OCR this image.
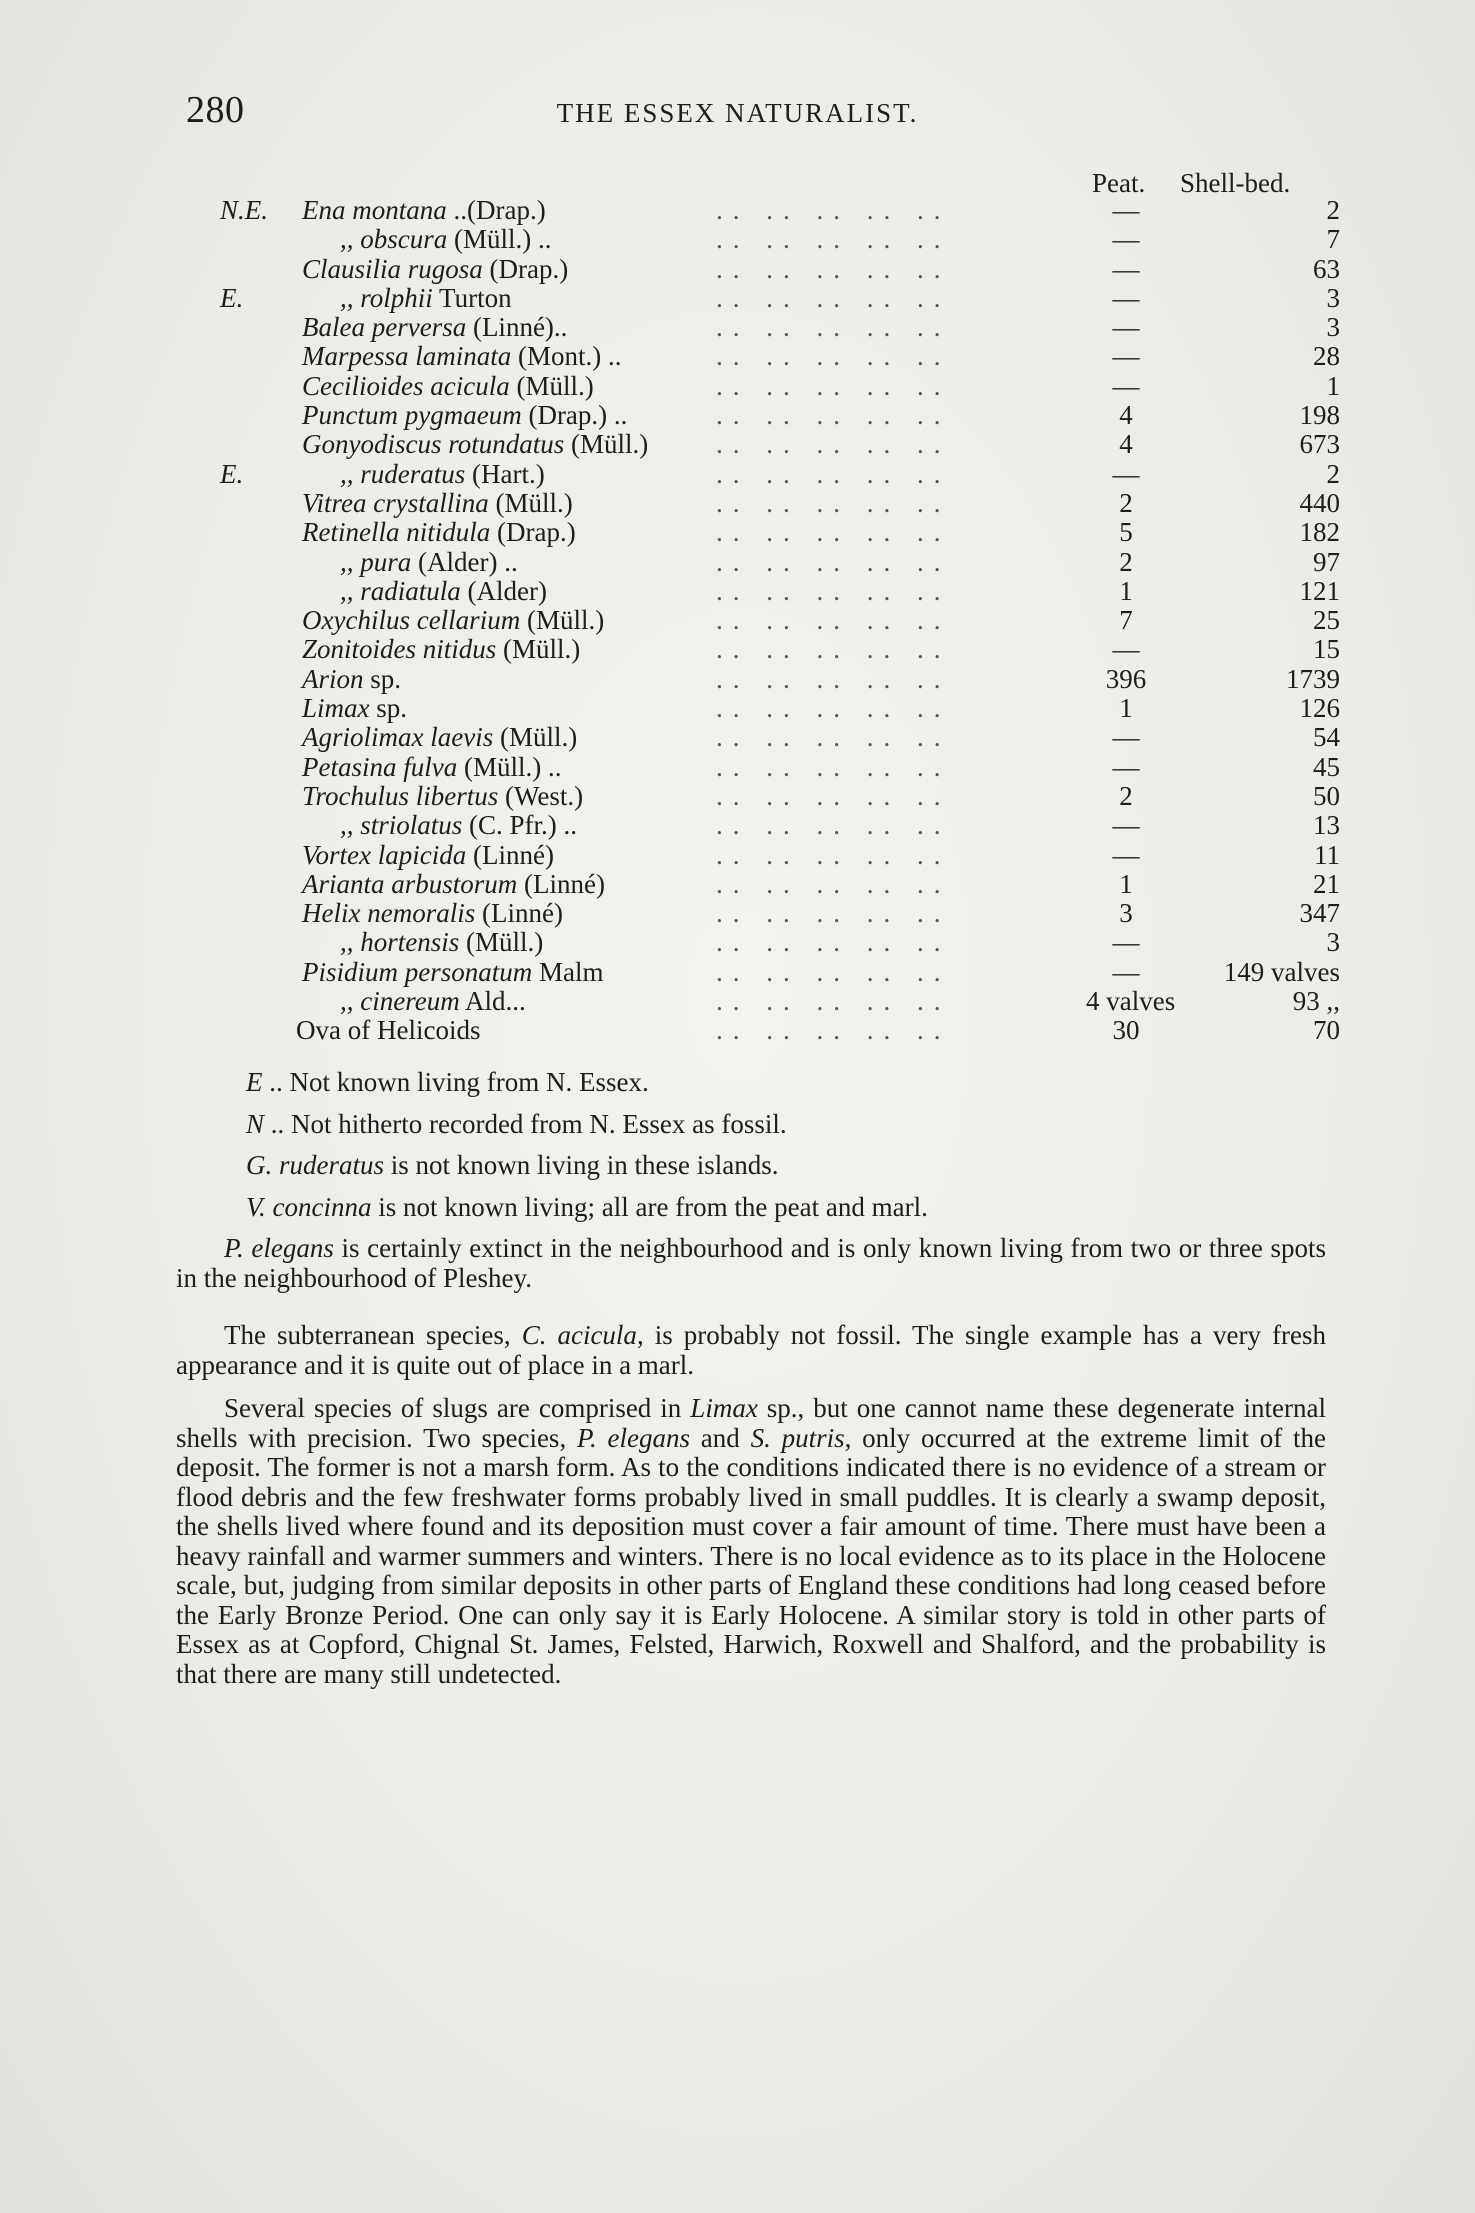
280	THE ESSEX NATURALIST.
Peat. Shell-bed.
N.E. Ena montana ..(Drap.)	.. .. .. .. ..	—	2
,, obscura (Müll.) ..	.. .. .. .. ..	—	7
Clausilia rugosa (Drap.)	.. .. .. .. ..	—	63
E.	,, rolphii Turton	.. .. .. .. ..	—	3
Balea perversa (Linné)..	.. .. .. .. ..	—	3
Marpessa laminata (Mont.) ..	.. .. .. .. ..	—	28
Cecilioides acicula (Müll.)	.. .. .. .. ..	—	1
Punctum pygmaeum (Drap.) ..	.. .. .. .. ..	4	198
Gonyodiscus rotundatus (Müll.)	.. .. .. .. ..	4	673
E.	,, ruderatus (Hart.)	.. .. .. .. ..	—	2
Vitrea crystallina (Müll.)	.. .. .. .. ..	2	440
Retinella nitidula (Drap.)	.. .. .. .. ..	5	182
,, pura (Alder) ..	.. .. .. .. ..	2	97
,, radiatula (Alder)	.. .. .. .. ..	1	121
Oxychilus cellarium (Müll.)	.. .. .. .. ..	7	25
Zonitoides nitidus (Müll.)	.. .. .. .. ..	—	15
Arion sp.	.. .. .. .. ..	396	1739
Limax sp.	.. .. .. .. ..	1	126
Agriolimax laevis (Müll.)	.. .. .. .. ..	—	54
Petasina fulva (Müll.) ..	.. .. .. .. ..	—	45
Trochulus libertus (West.)	.. .. .. .. ..	2	50
,, striolatus (C. Pfr.) ..	.. .. .. .. ..	—	13
Vortex lapicida (Linné)	.. .. .. .. ..	—	11
Arianta arbustorum (Linné)	.. .. .. .. ..	1	21
Helix nemoralis (Linné)	.. .. .. .. ..	3	347
,, hortensis (Müll.)	.. .. .. .. ..	—	3
Pisidium personatum Malm	.. .. .. .. ..	—	149 valves
,, cinereum Ald...	.. .. .. .. ..	4 valves	93 ,,
Ova of Helicoids	.. .. .. .. ..	30	70

E .. Not known living from N. Essex.

N .. Not hitherto recorded from N. Essex as fossil.

G. ruderatus is not known living in these islands.

V. concinna is not known living; all are from the peat and marl.

P. elegans is certainly extinct in the neighbourhood and is only known living from two or three spots in the neighbourhood of Pleshey.

The subterranean species, C. acicula, is probably not fossil. The single example has a very fresh appearance and it is quite out of place in a marl.

Several species of slugs are comprised in Limax sp., but one cannot name these degenerate internal shells with precision. Two species, P. elegans and S. putris, only occurred at the extreme limit of the deposit. The former is not a marsh form. As to the conditions indicated there is no evidence of a stream or flood debris and the few freshwater forms probably lived in small puddles. It is clearly a swamp deposit, the shells lived where found and its deposition must cover a fair amount of time. There must have been a heavy rainfall and warmer summers and winters. There is no local evidence as to its place in the Holocene scale, but, judging from similar deposits in other parts of England these conditions had long ceased before the Early Bronze Period. One can only say it is Early Holocene. A similar story is told in other parts of Essex as at Copford, Chignal St. James, Felsted, Harwich, Roxwell and Shalford, and the probability is that there are many still undetected.
